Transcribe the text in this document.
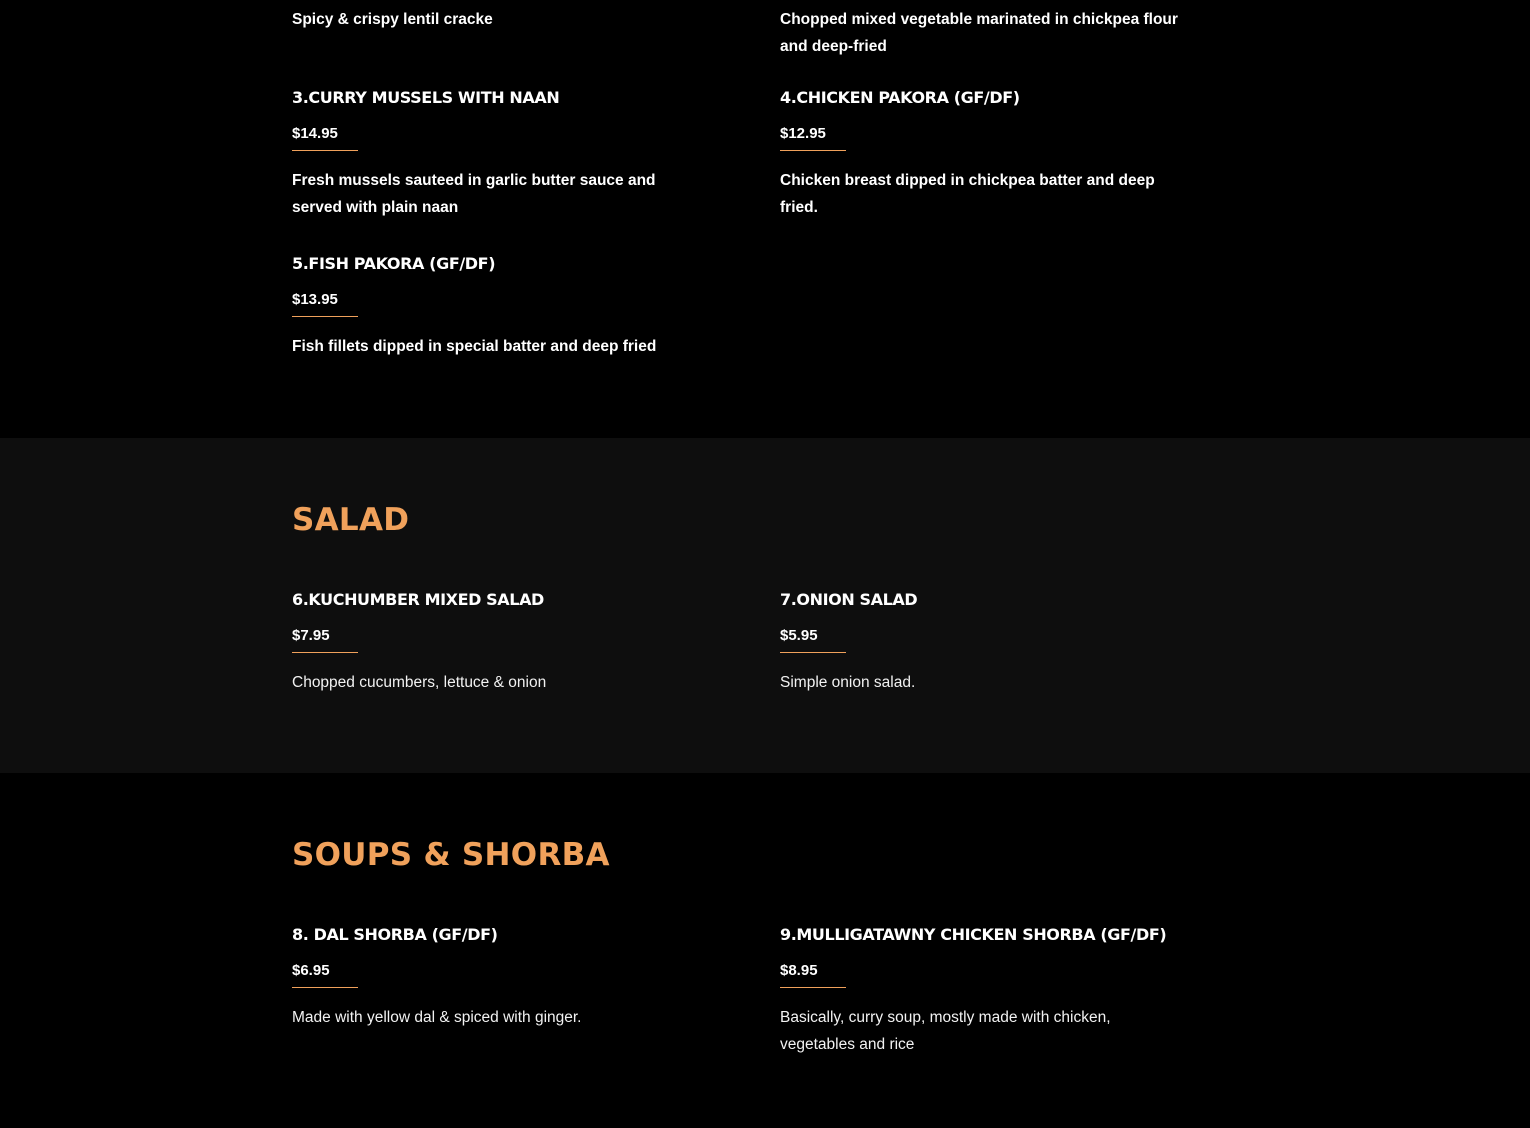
Spicy & crispy lentil cracke	Chopped mixed vegetable marinated in chickpea flour and deep-fried
3.CURRY MUSSELS WITH NAAN
$14.95
Fresh mussels sauteed in garlic butter sauce and served with plain naan
4.CHICKEN PAKORA (GF/DF)
$12.95
Chicken breast dipped in chickpea batter and deep fried.
5.FISH PAKORA (GF/DF)
$13.95
Fish fillets dipped in special batter and deep fried
SALAD
6.KUCHUMBER MIXED SALAD
$7.95
Chopped cucumbers, lettuce & onion
7.ONION SALAD
$5.95
Simple onion salad.
SOUPS & SHORBA
8. DAL SHORBA (GF/DF)
$6.95
Made with yellow dal & spiced with ginger.
9.MULLIGATAWNY CHICKEN SHORBA (GF/DF)
$8.95
Basically, curry soup, mostly made with chicken, vegetables and rice
